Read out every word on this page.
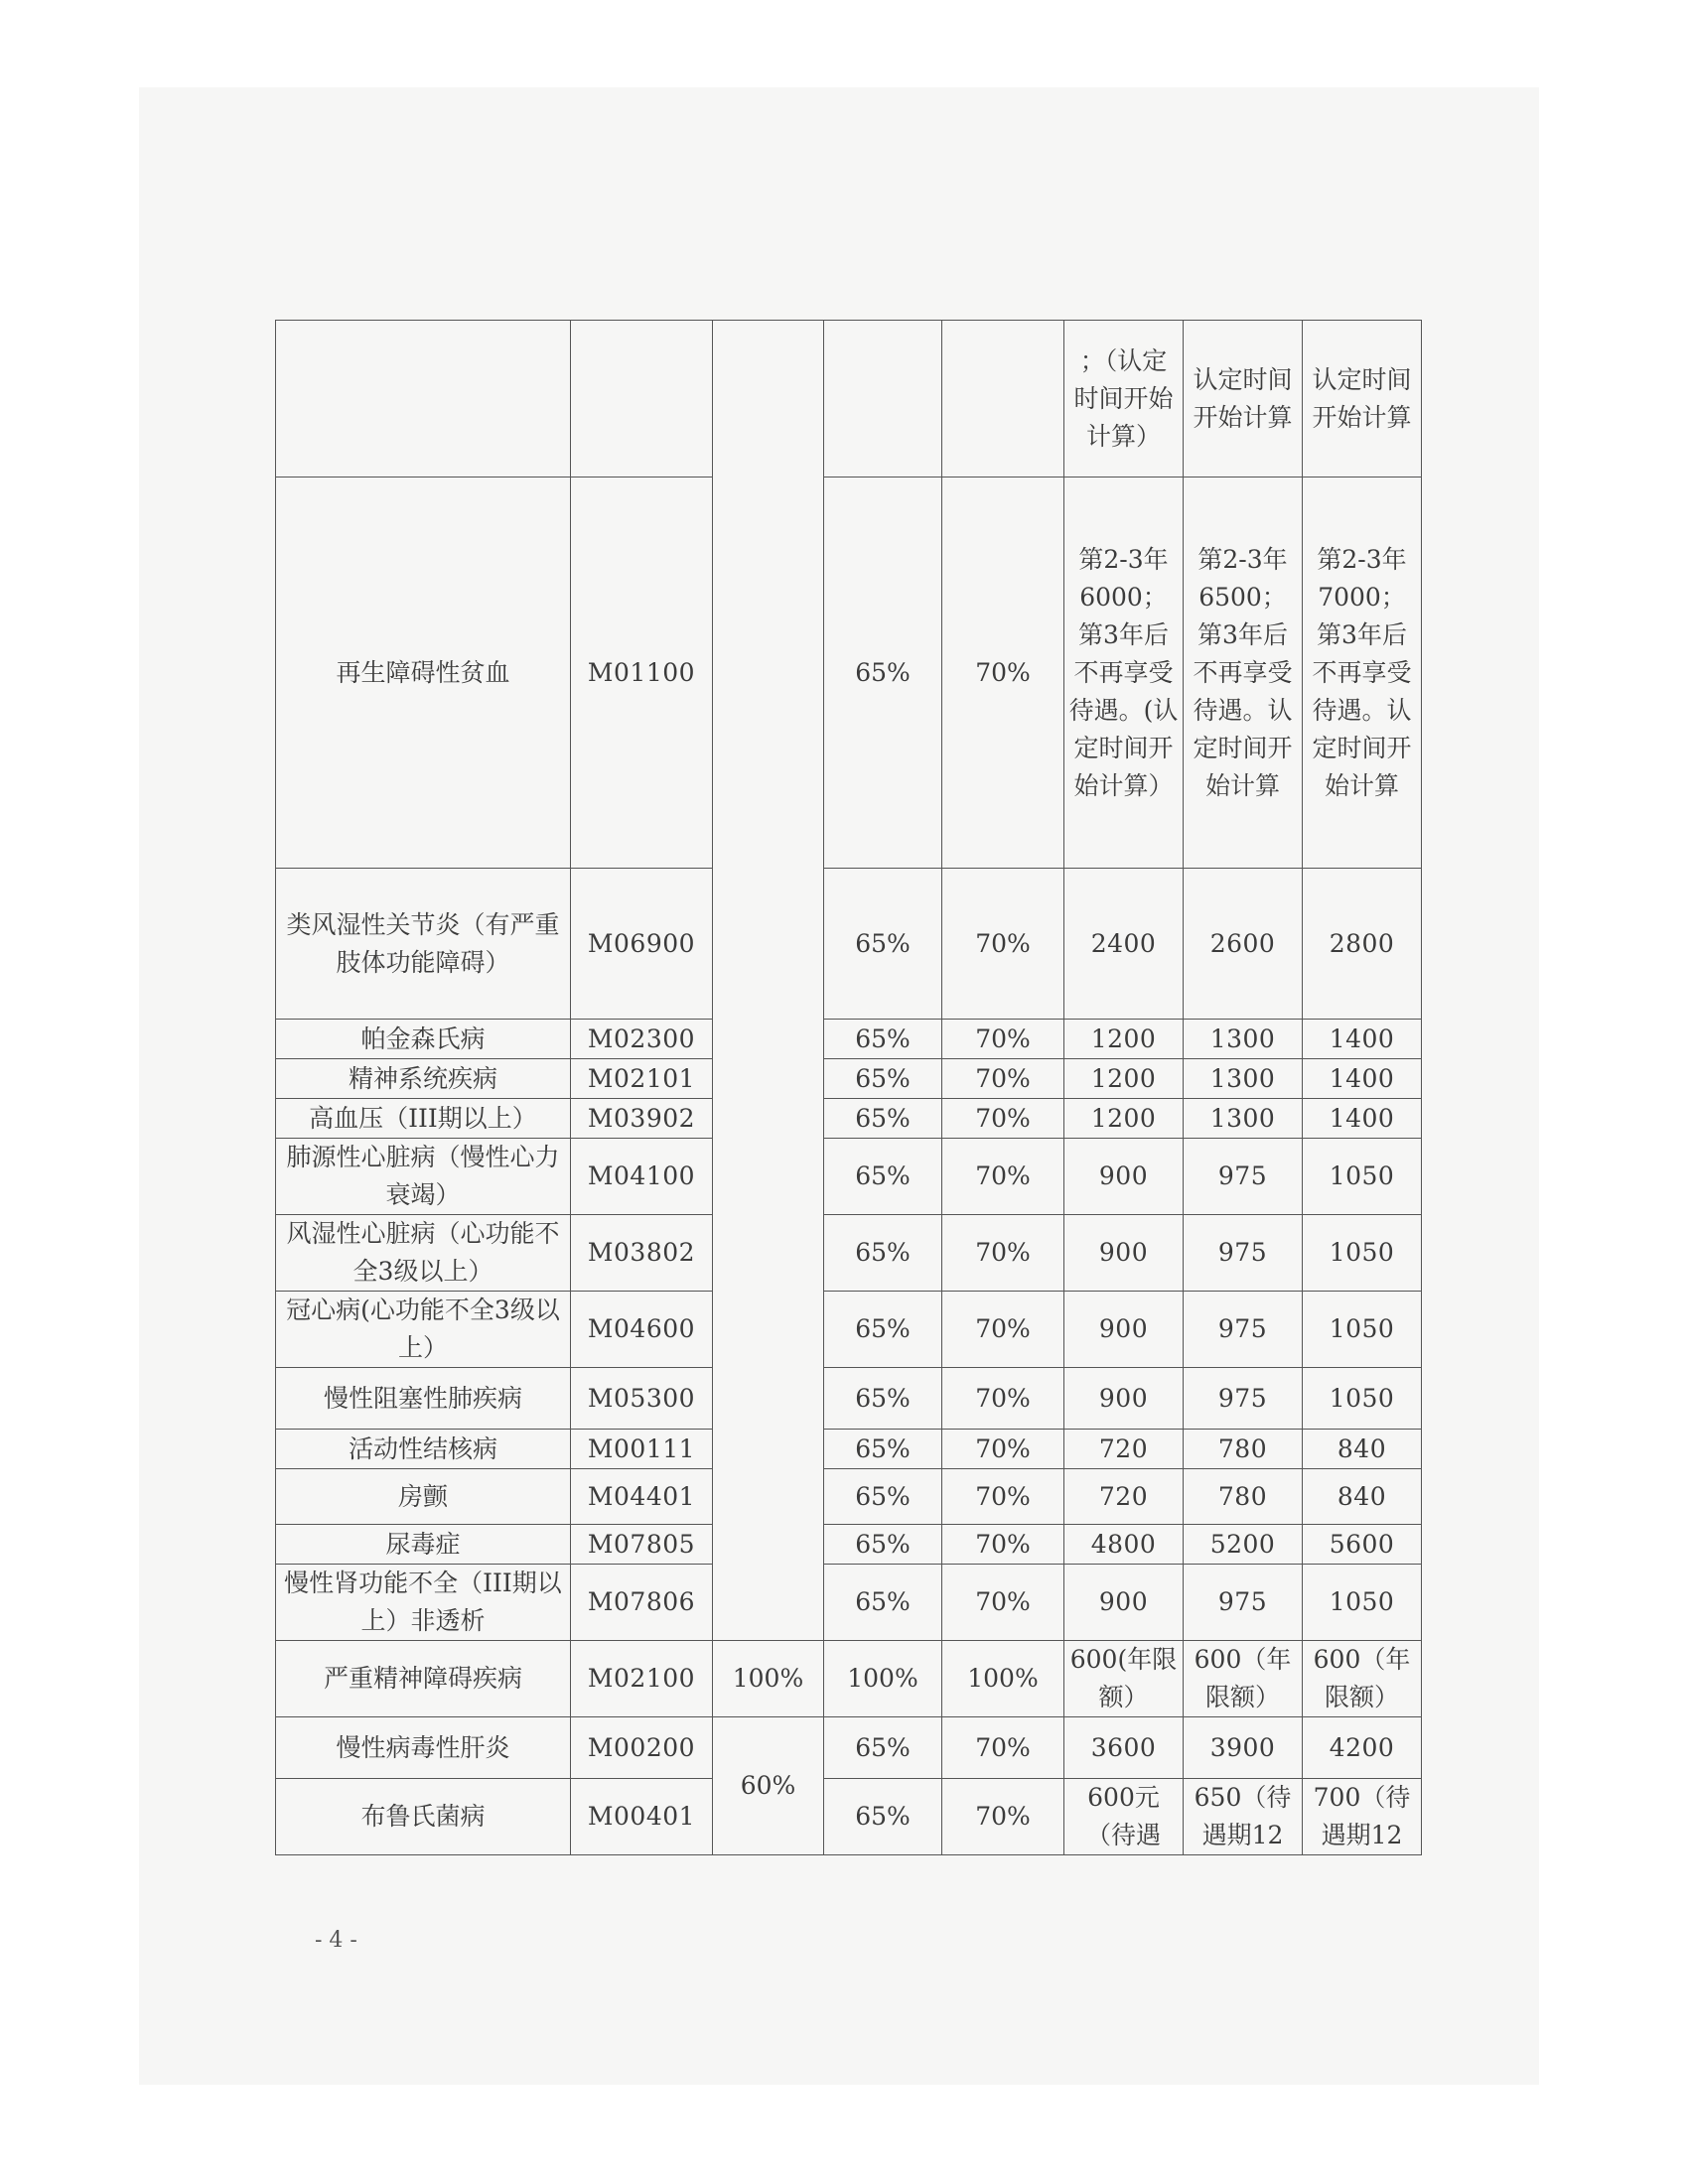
					；（认定时间开始计算）	认定时间开始计算	认定时间开始计算
再生障碍性贫血	M01100		65%	70%	第2-3年6000；第3年后不再享受待遇。(认定时间开始计算）	第2-3年6500；第3年后不再享受待遇。认定时间开始计算	第2-3年7000；第3年后不再享受待遇。认定时间开始计算
类风湿性关节炎（有严重肢体功能障碍）	M06900		65%	70%	2400	2600	2800
帕金森氏病	M02300		65%	70%	1200	1300	1400
精神系统疾病	M02101		65%	70%	1200	1300	1400
高血压（III期以上）	M03902		65%	70%	1200	1300	1400
肺源性心脏病（慢性心力衰竭）	M04100		65%	70%	900	975	1050
风湿性心脏病（心功能不全3级以上）	M03802		65%	70%	900	975	1050
冠心病(心功能不全3级以上）	M04600		65%	70%	900	975	1050
慢性阻塞性肺疾病	M05300		65%	70%	900	975	1050
活动性结核病	M00111		65%	70%	720	780	840
房颤	M04401		65%	70%	720	780	840
尿毒症	M07805		65%	70%	4800	5200	5600
慢性肾功能不全（III期以上）非透析	M07806		65%	70%	900	975	1050
严重精神障碍疾病	M02100	100%	100%	100%	600(年限额）	600（年限额）	600（年限额）
慢性病毒性肝炎	M00200	60%	65%	70%	3600	3900	4200
布鲁氏菌病	M00401		65%	70%	600元（待遇	650（待遇期12	700（待遇期12
- 4 -
